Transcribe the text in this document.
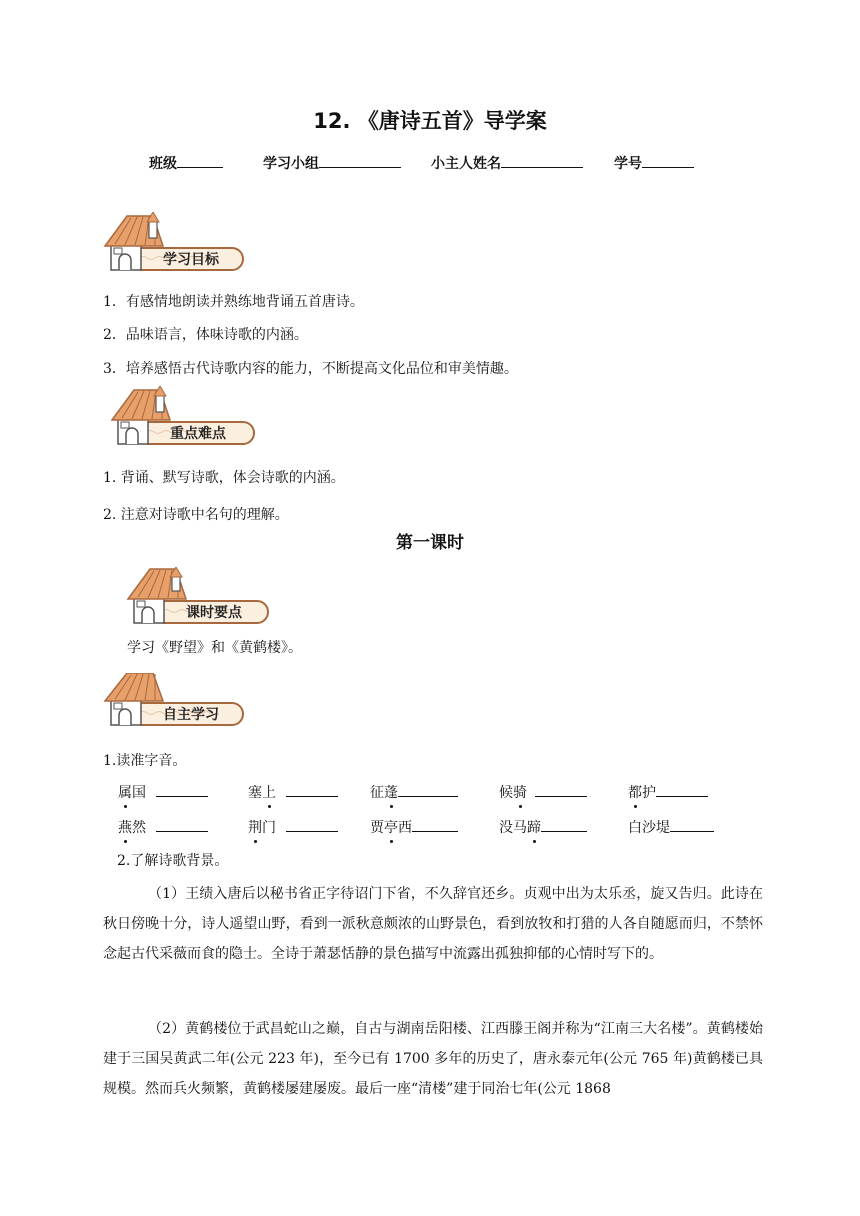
12. 《唐诗五首》导学案
班级	学习小组	小主人姓名	学号
学习目标
1．有感情地朗读并熟练地背诵五首唐诗。
2．品味语言，体味诗歌的内涵。
3．培养感悟古代诗歌内容的能力，不断提高文化品位和审美情趣。
重点难点
1. 背诵、默写诗歌，体会诗歌的内涵。
2. 注意对诗歌中名句的理解。
第一课时
课时要点
学习《野望》和《黄鹤楼》。
自主学习
1.读准字音。
属国	塞上	征蓬	候骑	都护
燕然	荆门	贾亭西	没马蹄	白沙堤
2.了解诗歌背景。
（1）王绩入唐后以秘书省正字待诏门下省，不久辞官还乡。贞观中出为太乐丞，旋又告归。此诗在秋日傍晚十分，诗人遥望山野，看到一派秋意颇浓的山野景色，看到放牧和打猎的人各自随愿而归，不禁怀念起古代采薇而食的隐士。全诗于萧瑟恬静的景色描写中流露出孤独抑郁的心情时写下的。
（2）黄鹤楼位于武昌蛇山之巅，自古与湖南岳阳楼、江西滕王阁并称为“江南三大名楼”。黄鹤楼始建于三国吴黄武二年(公元 223 年)，至今已有 1700 多年的历史了，唐永泰元年(公元 765 年)黄鹤楼已具规模。然而兵火频繁，黄鹤楼屡建屡废。最后一座“清楼”建于同治七年(公元 1868
